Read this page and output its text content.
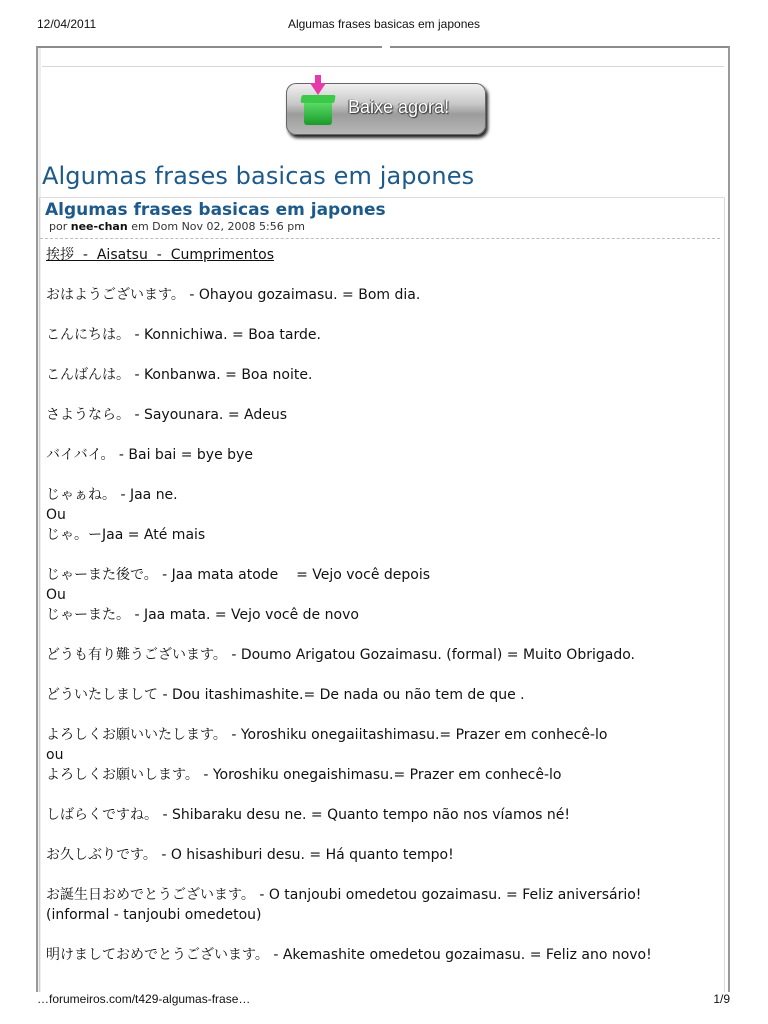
12/04/2011	Algumas frases basicas em japones
Baixe agora!
Algumas frases basicas em japones
Algumas frases basicas em japones
por nee-chan em Dom Nov 02, 2008 5:56 pm
挨拶  -  Aisatsu  -  Cumprimentos
おはようございます。 - Ohayou gozaimasu. = Bom dia.
こんにちは。 - Konnichiwa. = Boa tarde.
こんばんは。 - Konbanwa. = Boa noite.
さようなら。 - Sayounara. = Adeus
バイバイ。 - Bai bai = bye bye
じゃぁね。 - Jaa ne.
Ou
じゃ。ーJaa = Até mais
じゃーまた後で。 - Jaa mata atode    = Vejo você depois
Ou
じゃーまた。 - Jaa mata. = Vejo você de novo
どうも有り難うございます。 - Doumo Arigatou Gozaimasu. (formal) = Muito Obrigado.
どういたしまして - Dou itashimashite.= De nada ou não tem de que .
よろしくお願いいたします。 - Yoroshiku onegaiitashimasu.= Prazer em conhecê-lo
ou
よろしくお願いします。 - Yoroshiku onegaishimasu.= Prazer em conhecê-lo
しばらくですね。 - Shibaraku desu ne. = Quanto tempo não nos víamos né!
お久しぶりです。 - O hisashiburi desu. = Há quanto tempo!
お誕生日おめでとうございます。 - O tanjoubi omedetou gozaimasu. = Feliz aniversário!
(informal - tanjoubi omedetou)
明けましておめでとうございます。 - Akemashite omedetou gozaimasu. = Feliz ano novo!
…forumeiros.com/t429-algumas-frase…	1/9
